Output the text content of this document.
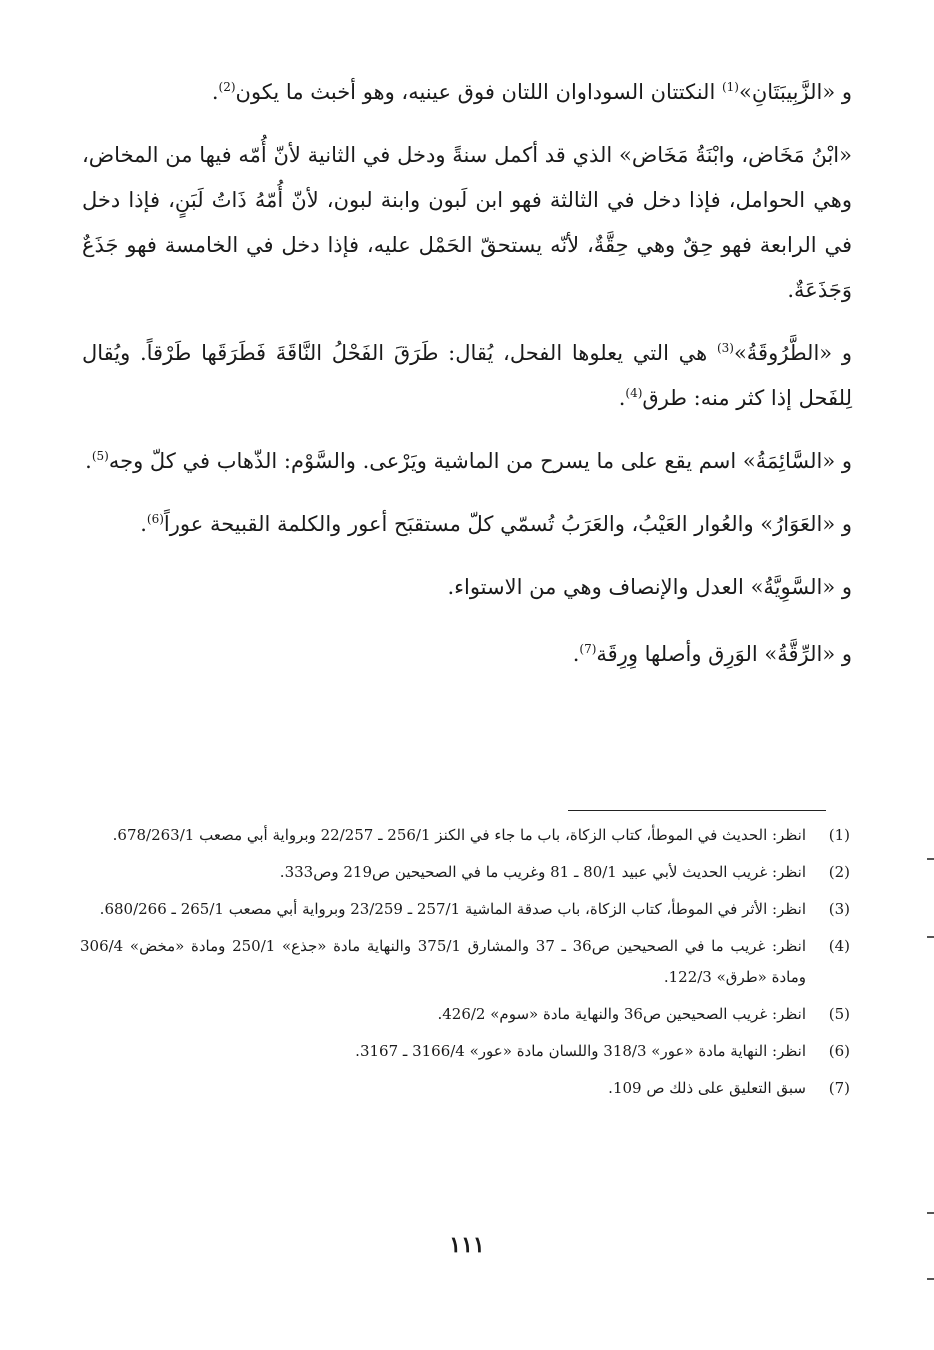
و «الزَّبِيبَتَانِ»$^{(1)}$ النكتتان السوداوان اللتان فوق عينيه، وهو أخبث ما يكون$^{(2)}$.

«ابْنُ مَخَاض، وابْنَةُ مَخَاض» الذي قد أكمل سنةً ودخل في الثانية لأنّ أُمّه فيها من المخاض، وهي الحوامل، فإذا دخل في الثالثة فهو ابن لَبون وابنة لبون، لأنّ أُمّهُ ذَاتُ لَبَنٍ، فإذا دخل في الرابعة فهو حِقٌ وهي حِقَّةٌ، لأنّه يستحقّ الحَمْل عليه، فإذا دخل في الخامسة فهو جَذَعٌ وَجَذَعَةٌ.

و «الطَّرُوقَةُ»$^{(3)}$ هي التي يعلوها الفحل، يُقال: طَرَقَ الفَحْلُ النَّاقَةَ فَطَرَقَها طَرْقاً. ويُقال لِلفَحل إذا كثر منه: طرق$^{(4)}$.

و «السَّائِمَةُ» اسم يقع على ما يسرح من الماشية ويَرْعى. والسَّوْم: الذّهاب في كلّ وجه$^{(5)}$.

و «العَوَارُ» والعُوار العَيْبُ، والعَرَبُ تُسمّي كلّ مستقبَح أعور والكلمة القبيحة عوراً$^{(6)}$.

و «السَّوِيَّةُ» العدل والإنصاف وهي من الاستواء.

و «الرِّقَّةُ» الوَرِق وأصلها وِرِقَة$^{(7)}$.

(1)
انظر: الحديث في الموطأ، كتاب الزكاة، باب ما جاء في الكنز 256/1 ـ 22/257 وبرواية أبي مصعب 678/263/1.
(2)
انظر: غريب الحديث لأبي عبيد 80/1 ـ 81 وغريب ما في الصحيحين ص219 وص333.
(3)
انظر: الأثر في الموطأ، كتاب الزكاة، باب صدقة الماشية 257/1 ـ 23/259 وبرواية أبي مصعب 265/1 ـ 680/266.
(4)
انظر: غريب ما في الصحيحين ص36 ـ 37 والمشارق 375/1 والنهاية مادة «جذع» 250/1 ومادة «مخض» 306/4 ومادة «طرق» 122/3.
(5)
انظر: غريب الصحيحين ص36 والنهاية مادة «سوم» 426/2.
(6)
انظر: النهاية مادة «عور» 318/3 واللسان مادة «عور» 3166/4 ـ 3167.
(7)
سبق التعليق على ذلك ص 109.
١١١
